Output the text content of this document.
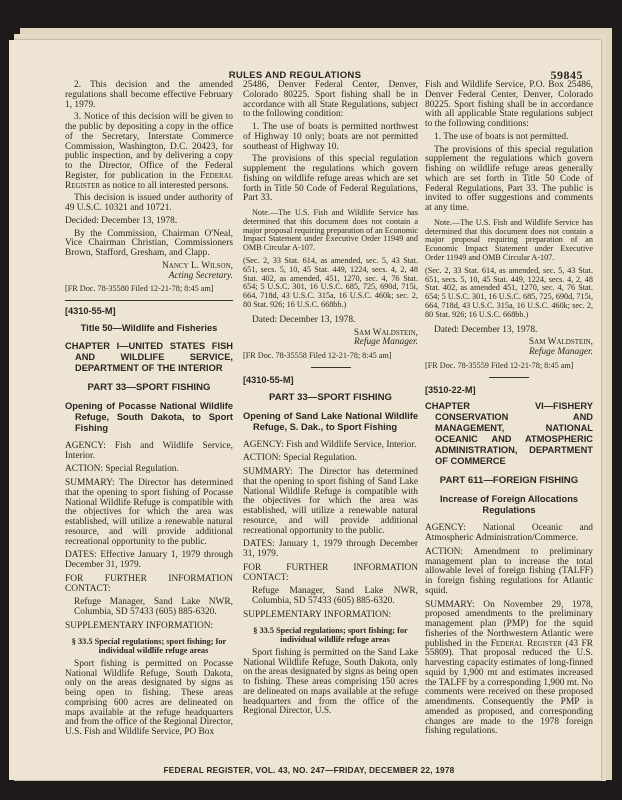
RULES AND REGULATIONS	59845

2. This decision and the amended regulations shall become effective February 1, 1979.

3. Notice of this decision will be given to the public by depositing a copy in the office of the Secretary, Interstate Commerce Commission, Washington, D.C. 20423, for public inspection, and by delivering a copy to the Director, Office of the Federal Register, for publication in the Federal Register as notice to all interested persons.

This decision is issued under authority of 49 U.S.C. 10321 and 10721.

Decided: December 13, 1978.

By the Commission, Chairman O'Neal, Vice Chairman Christian, Commissioners Brown, Stafford, Gresham, and Clapp.

Nancy L. Wilson,
Acting Secretary.

[FR Doc. 78-35580 Filed 12-21-78; 8:45 am]
[4310-55-M]
Title 50—Wildlife and Fisheries
CHAPTER I—UNITED STATES FISH AND WILDLIFE SERVICE, DEPARTMENT OF THE INTERIOR
PART 33—SPORT FISHING
Opening of Pocasse National Wildlife Refuge, South Dakota, to Sport Fishing

AGENCY: Fish and Wildlife Service, Interior.

ACTION: Special Regulation.

SUMMARY: The Director has determined that the opening to sport fishing of Pocasse National Wildlife Refuge is compatible with the objectives for which the area was established, will utilize a renewable natural resource, and will provide additional recreational opportunity to the public.

DATES: Effective January 1, 1979 through December 31, 1979.

FOR FURTHER INFORMATION CONTACT:

Refuge Manager, Sand Lake NWR, Columbia, SD 57433 (605) 885-6320.

SUPPLEMENTARY INFORMATION:

§ 33.5 Special regulations; sport fishing; for individual wildlife refuge areas

Sport fishing is permitted on Pocasse National Wildlife Refuge, South Dakota, only on the areas designated by signs as being open to fishing. These areas comprising 600 acres are delineated on maps available at the refuge headquarters and from the office of the Regional Director, U.S. Fish and Wildlife Service, PO Box

25486, Denver Federal Center, Denver, Colorado 80225. Sport fishing shall be in accordance with all State Regulations, subject to the following condition:

1. The use of boats is permitted northwest of Highway 10 only; boats are not permitted southeast of Highway 10.

The provisions of this special regulation supplement the regulations which govern fishing on wildlife refuge areas which are set forth in Title 50 Code of Federal Regulations, Part 33.

Note.—The U.S. Fish and Wildlife Service has determined that this document does not contain a major proposal requiring preparation of an Economic Impact Statement under Executive Order 11949 and OMB Circular A-107.

(Sec. 2, 33 Stat. 614, as amended, sec. 5, 43 Stat. 651, secs. 5, 10, 45 Stat. 449, 1224, secs. 4, 2, 48 Stat. 402, as amended, 451, 1270, sec. 4, 76 Stat. 654; 5 U.S.C. 301, 16 U.S.C. 685, 725, 690d, 715i, 664, 718d, 43 U.S.C. 315a, 16 U.S.C. 460k; sec. 2, 80 Stat. 926; 16 U.S.C. 668bb.)

Dated: December 13, 1978.

Sam Waldstein,
Refuge Manager.

[FR Doc. 78-35558 Filed 12-21-78; 8:45 am]
[4310-55-M]
PART 33—SPORT FISHING
Opening of Sand Lake National Wildlife Refuge, S. Dak., to Sport Fishing

AGENCY: Fish and Wildlife Service, Interior.

ACTION: Special Regulation.

SUMMARY: The Director has determined that the opening to sport fishing of Sand Lake National Wildlife Refuge is compatible with the objectives for which the area was established, will utilize a renewable natural resource, and will provide additional recreational opportunity to the public.

DATES: January 1, 1979 through December 31, 1979.

FOR FURTHER INFORMATION CONTACT:

Refuge Manager, Sand Lake NWR, Columbia, SD 57433 (605) 885-6320.

SUPPLEMENTARY INFORMATION:

§ 33.5 Special regulations; sport fishing; for individual wildlife refuge areas

Sport fishing is permitted on the Sand Lake National Wildlife Refuge, South Dakota, only on the areas designated by signs as being open to fishing. These areas comprising 150 acres are delineated on maps available at the refuge headquarters and from the office of the Regional Director, U.S.

Fish and Wildlife Service, P.O. Box 25486, Denver Federal Center, Denver, Colorado 80225. Sport fishing shall be in accordance with all applicable State regulations subject to the following conditions:

1. The use of boats is not permitted.

The provisions of this special regulation supplement the regulations which govern fishing on wildlife refuge areas generally which are set forth in Title 50 Code of Federal Regulations, Part 33. The public is invited to offer suggestions and comments at any time.

Note.—The U.S. Fish and Wildlife Service has determined that this document does not contain a major proposal requiring preparation of an Economic Impact Statement under Executive Order 11949 and OMB Circular A-107.

(Sec. 2, 33 Stat. 614, as amended, sec. 5, 43 Stat. 651, secs. 5, 10, 45 Stat. 449, 1224, secs. 4, 2, 48 Stat. 402, as amended 451, 1270, sec. 4, 76 Stat. 654; 5 U.S.C. 301, 16 U.S.C. 685, 725, 690d, 715i, 664, 718d, 43 U.S.C. 315a, 16 U.S.C. 460k; sec. 2, 80 Stat. 926; 16 U.S.C. 668bb.)

Dated: December 13, 1978.

Sam Waldstein,
Refuge Manager.

[FR Doc. 78-35559 Filed 12-21-78; 8:45 am]
[3510-22-M]
CHAPTER VI—FISHERY CONSERVATION AND MANAGEMENT, NATIONAL OCEANIC AND ATMOSPHERIC ADMINISTRATION, DEPARTMENT OF COMMERCE
PART 611—FOREIGN FISHING
Increase of Foreign Allocations Regulations

AGENCY: National Oceanic and Atmospheric Administration/Commerce.

ACTION: Amendment to preliminary management plan to increase the total allowable level of foreign fishing (TALFF) in foreign fishing regulations for Atlantic squid.

SUMMARY: On November 29, 1978, proposed amendments to the preliminary management plan (PMP) for the squid fisheries of the Northwestern Atlantic were published in the Federal Register (43 FR 55809). That proposal reduced the U.S. harvesting capacity estimates of long-finned squid by 1,900 mt and estimates increased the TALFF by a corresponding 1,900 mt. No comments were received on these proposed amendments. Consequently the PMP is amended as proposed, and corresponding changes are made to the 1978 foreign fishing regulations.

FEDERAL REGISTER, VOL. 43, NO. 247—FRIDAY, DECEMBER 22, 1978
